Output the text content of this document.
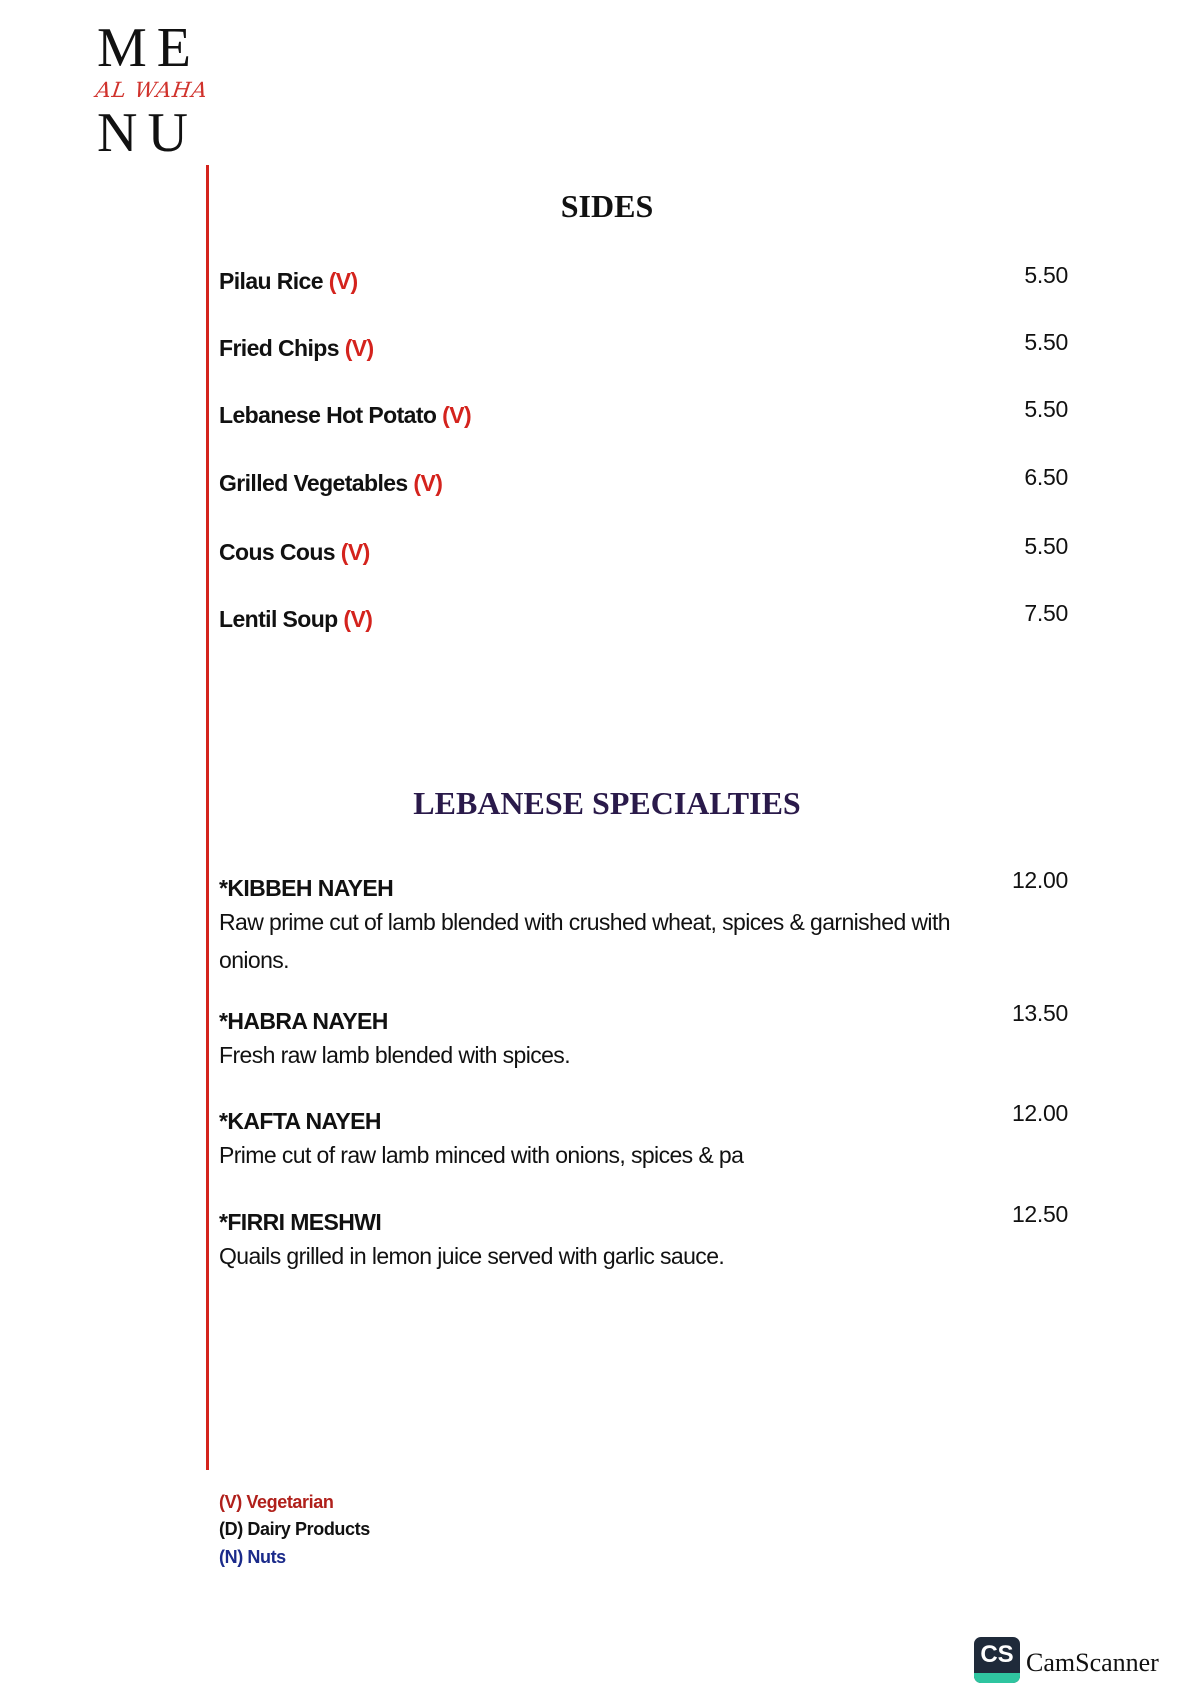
ME
AL WAHA
NU
SIDES
Pilau Rice (V)	5.50
Fried Chips (V)	5.50
Lebanese Hot Potato (V)	5.50
Grilled Vegetables (V)	6.50
Cous Cous (V)	5.50
Lentil Soup (V)	7.50
LEBANESE SPECIALTIES
*KIBBEH NAYEH
Raw prime cut of lamb blended with crushed wheat, spices & garnished with onions.
12.00
*HABRA NAYEH
Fresh raw lamb blended with spices.
13.50
*KAFTA NAYEH
Prime cut of raw lamb minced with onions, spices & pa
12.00
*FIRRI MESHWI
Quails grilled in lemon juice served with garlic sauce.
12.50
(V) Vegetarian
(D) Dairy Products
(N) Nuts
CS CamScanner
